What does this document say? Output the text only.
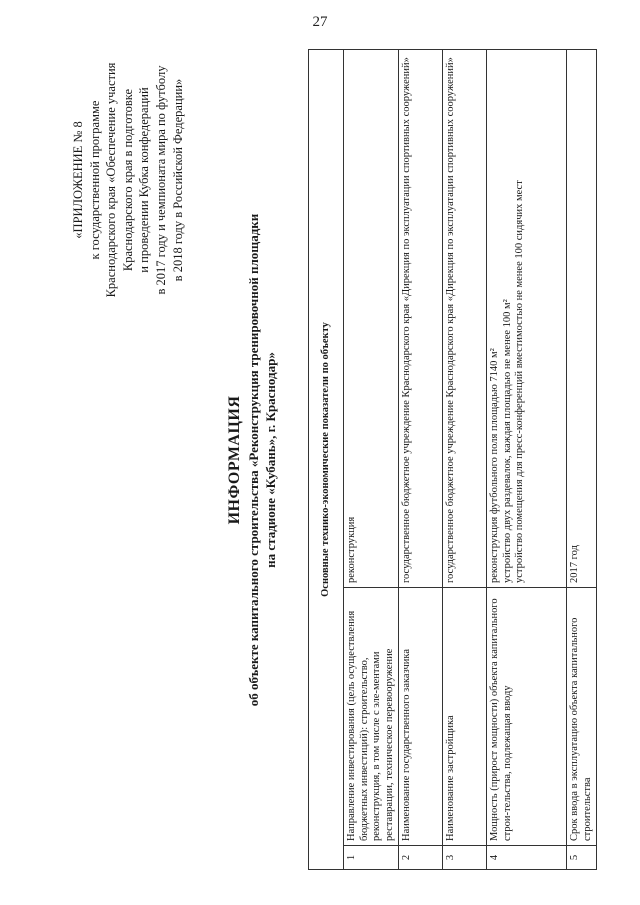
27
«ПРИЛОЖЕНИЕ № 8 к государственной программе Краснодарского края «Обеспечение участия Краснодарского края в подготовке и проведении Кубка конфедераций в 2017 году и чемпионата мира по футболу в 2018 году в Российской Федерации»
ИНФОРМАЦИЯ об объекте капитального строительства «Реконструкция тренировочной площадки на стадионе «Кубань», г. Краснодар»	Основные технико-экономические показатели по объекту		
1	Направление инвестирования (цель осуществления бюджетных инвестиций): строительство, реконструкция, в том числе с эле-ментами реставрации, техническое перевооружение	реконструкция
2	Наименование государственного заказчика	государственное бюджетное учреждение Краснодарского края «Дирекция по эксплуатации спортивных сооружений»
3	Наименование застройщика	государственное бюджетное учреждение Краснодарского края «Дирекция по эксплуатации спортивных сооружений»
4	Мощность (прирост мощности) объекта капитального строи-тельства, подлежащая вводу	реконструкция футбольного поля площадью 7140 м² устройство двух раздевалок, каждая площадью не менее 100 м² устройство помещения для пресс-конференций вместимостью не менее 100 сидячих мест

5	Срок ввода в эксплуатацию объекта капитального строительства	2017 год
